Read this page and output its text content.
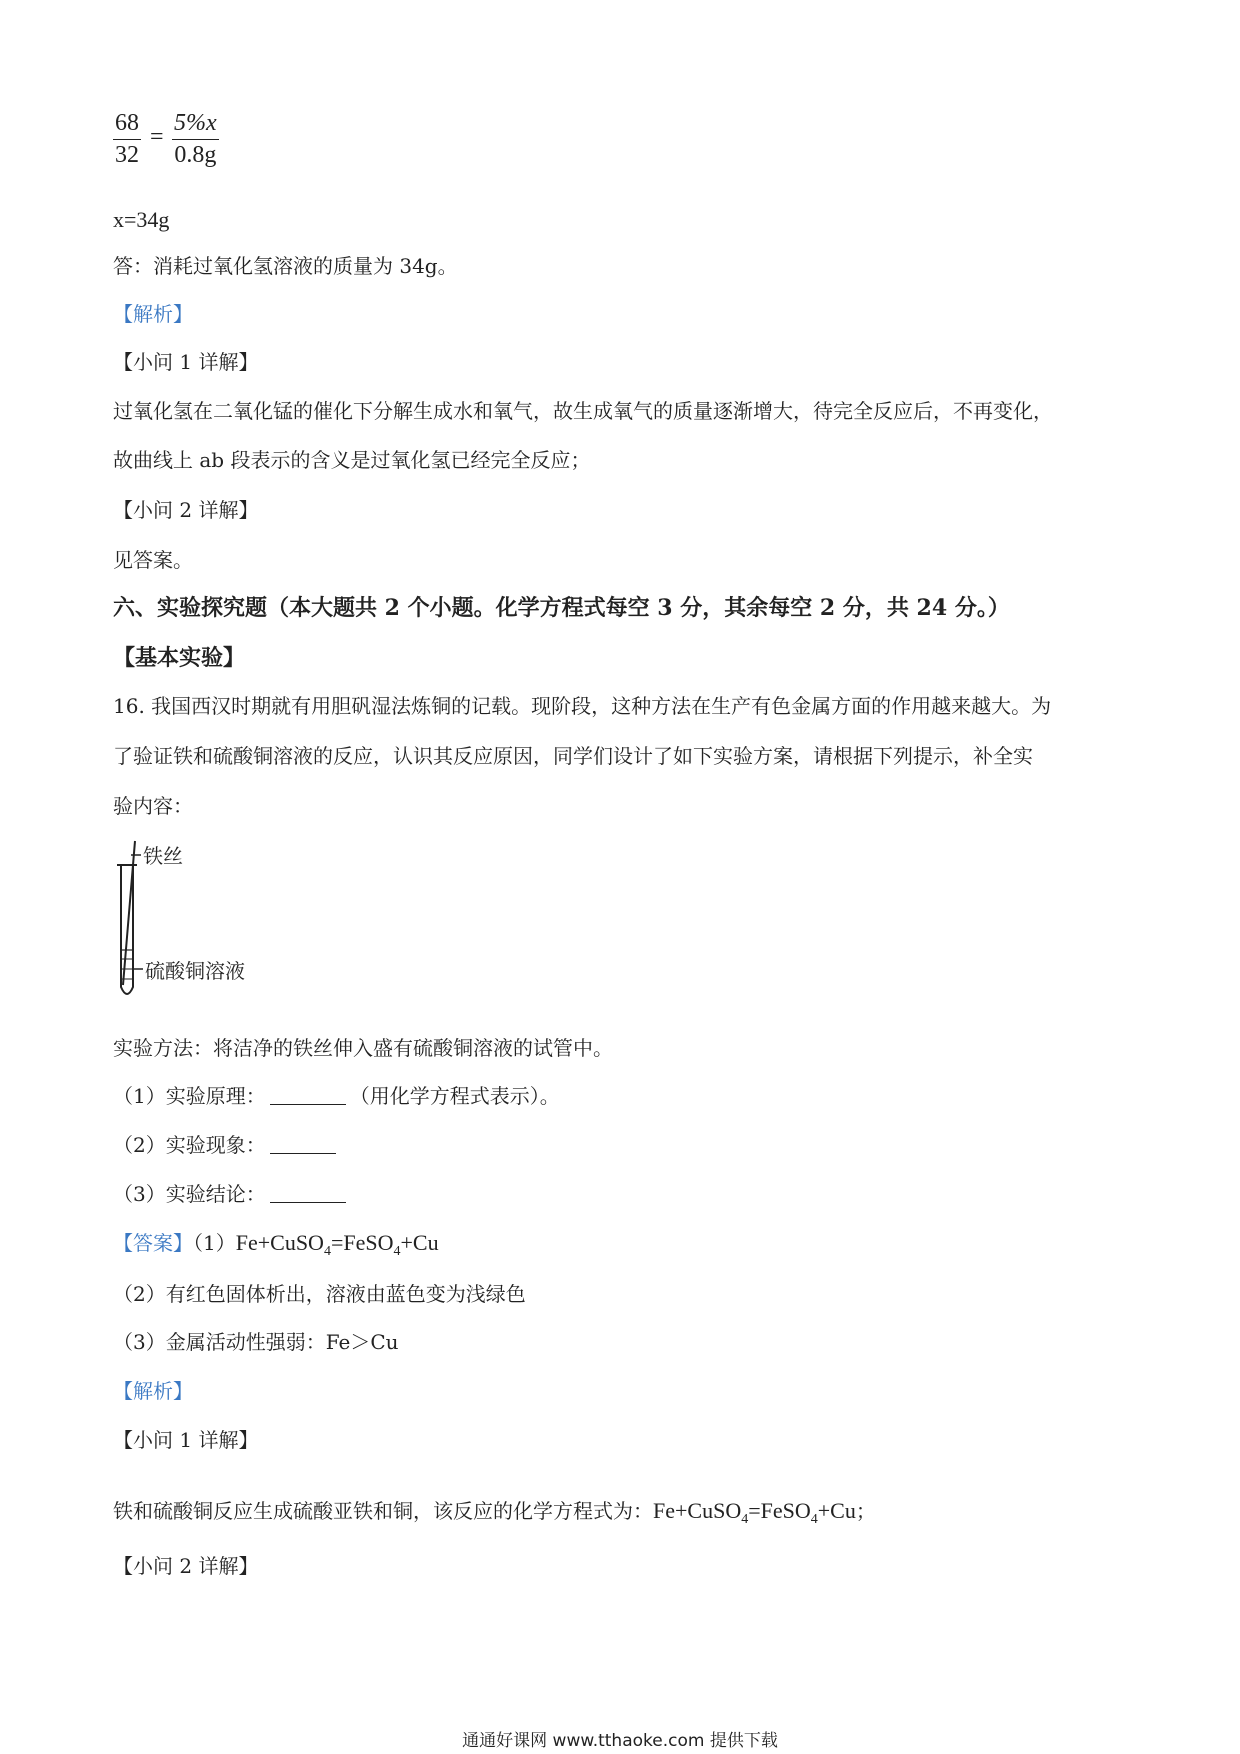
68
32
=
5%x
0.8g
x=34g
答：消耗过氧化氢溶液的质量为 34g。
【解析】
【小问 1 详解】
过氧化氢在二氧化锰的催化下分解生成水和氧气，故生成氧气的质量逐渐增大，待完全反应后，不再变化，
故曲线上 ab 段表示的含义是过氧化氢已经完全反应；
【小问 2 详解】
见答案。
六、实验探究题（本大题共 2 个小题。化学方程式每空 3 分，其余每空 2 分，共 24 分。）
【基本实验】
16. 我国西汉时期就有用胆矾湿法炼铜的记载。现阶段，这种方法在生产有色金属方面的作用越来越大。为
了验证铁和硫酸铜溶液的反应，认识其反应原因，同学们设计了如下实验方案，请根据下列提示，补全实
验内容：
铁丝
硫酸铜溶液
实验方法：将洁净的铁丝伸入盛有硫酸铜溶液的试管中。
（1）实验原理：	（用化学方程式表示）。
（2）实验现象：
（3）实验结论：
【答案】（1）Fe+CuSO$_4$=FeSO$_4$+Cu
（2）有红色固体析出，溶液由蓝色变为浅绿色
（3）金属活动性强弱：Fe＞Cu
【解析】
【小问 1 详解】
铁和硫酸铜反应生成硫酸亚铁和铜，该反应的化学方程式为：Fe+CuSO$_4$=FeSO$_4$+Cu；
【小问 2 详解】
通通好课网 www.tthaoke.com 提供下载
